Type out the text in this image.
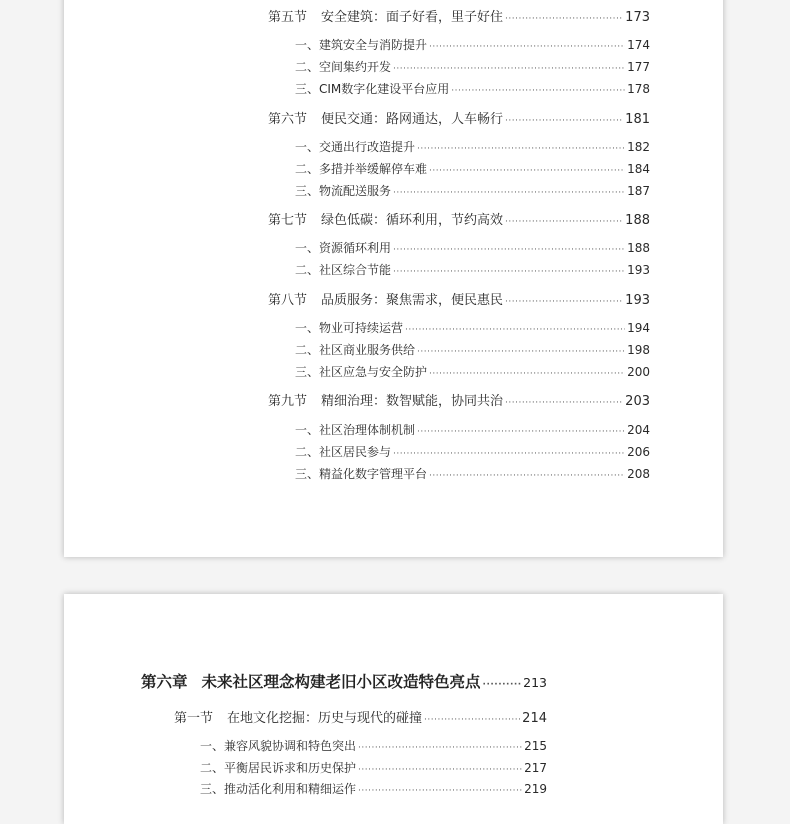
第五节 安全建筑：面子好看，里子好住 ·····	173
一、建筑安全与消防提升 ·····	174
二、空间集约开发 ·····	177
三、CIM数字化建设平台应用 ·····	178
第六节 便民交通：路网通达，人车畅行 ·····	181
一、交通出行改造提升 ·····	182
二、多措并举缓解停车难 ·····	184
三、物流配送服务 ·····	187
第七节 绿色低碳：循环利用，节约高效 ·····	188
一、资源循环利用 ·····	188
二、社区综合节能 ·····	193
第八节 品质服务：聚焦需求，便民惠民 ·····	193
一、物业可持续运营 ·····	194
二、社区商业服务供给 ·····	198
三、社区应急与安全防护 ·····	200
第九节 精细治理：数智赋能，协同共治 ·····	203
一、社区治理体制机制 ·····	204
二、社区居民参与 ·····	206
三、精益化数字管理平台 ·····	208
第六章 未来社区理念构建老旧小区改造特色亮点 ·····	213
第一节 在地文化挖掘：历史与现代的碰撞 ·····	214
一、兼容风貌协调和特色突出 ·····	215
二、平衡居民诉求和历史保护 ·····	217
三、推动活化利用和精细运作 ·····	219
